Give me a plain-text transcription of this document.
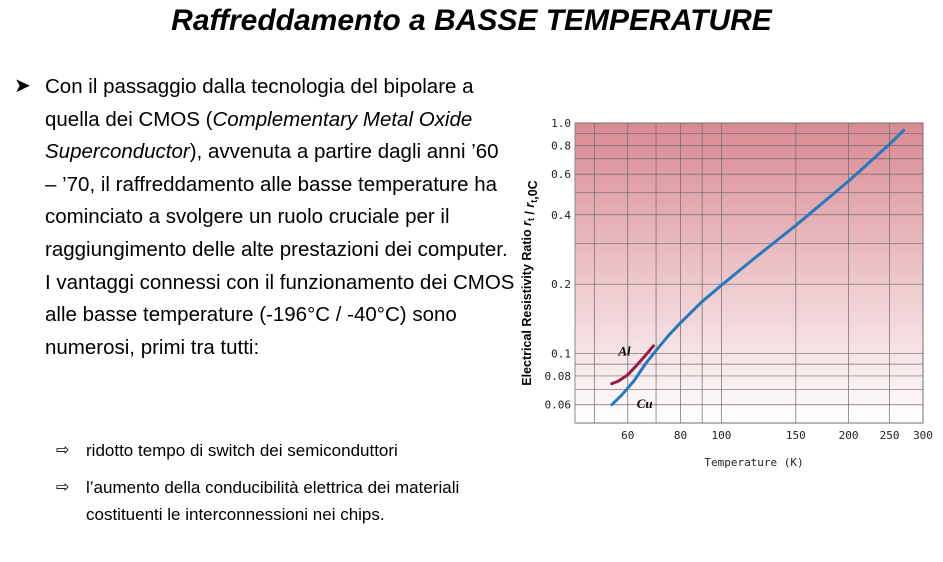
Raffreddamento a BASSE TEMPERATURE
➤ Con il passaggio dalla tecnologia del bipolare a quella dei CMOS (Complementary Metal Oxide Superconductor), avvenuta a partire dagli anni ’60 – ’70, il raffreddamento alle basse temperature ha cominciato a svolgere un ruolo cruciale per il raggiungimento delle alte prestazioni dei computer. I vantaggi connessi con il funzionamento dei CMOS alle basse temperature (-196°C / -40°C) sono numerosi, primi tra tutti:
⇨ ridotto tempo di switch dei semiconduttori
⇨ l’aumento della conducibilità elettrica dei materiali costituenti le interconnessioni nei chips.
0.06
0.08
0.1
0.2
0.4
0.6
0.8
1.0
60	80 100	150	200 250 300
Al
Cu
Temperature (K)
Electrical Resistivity Ratio $r_t / r_t,0C$
